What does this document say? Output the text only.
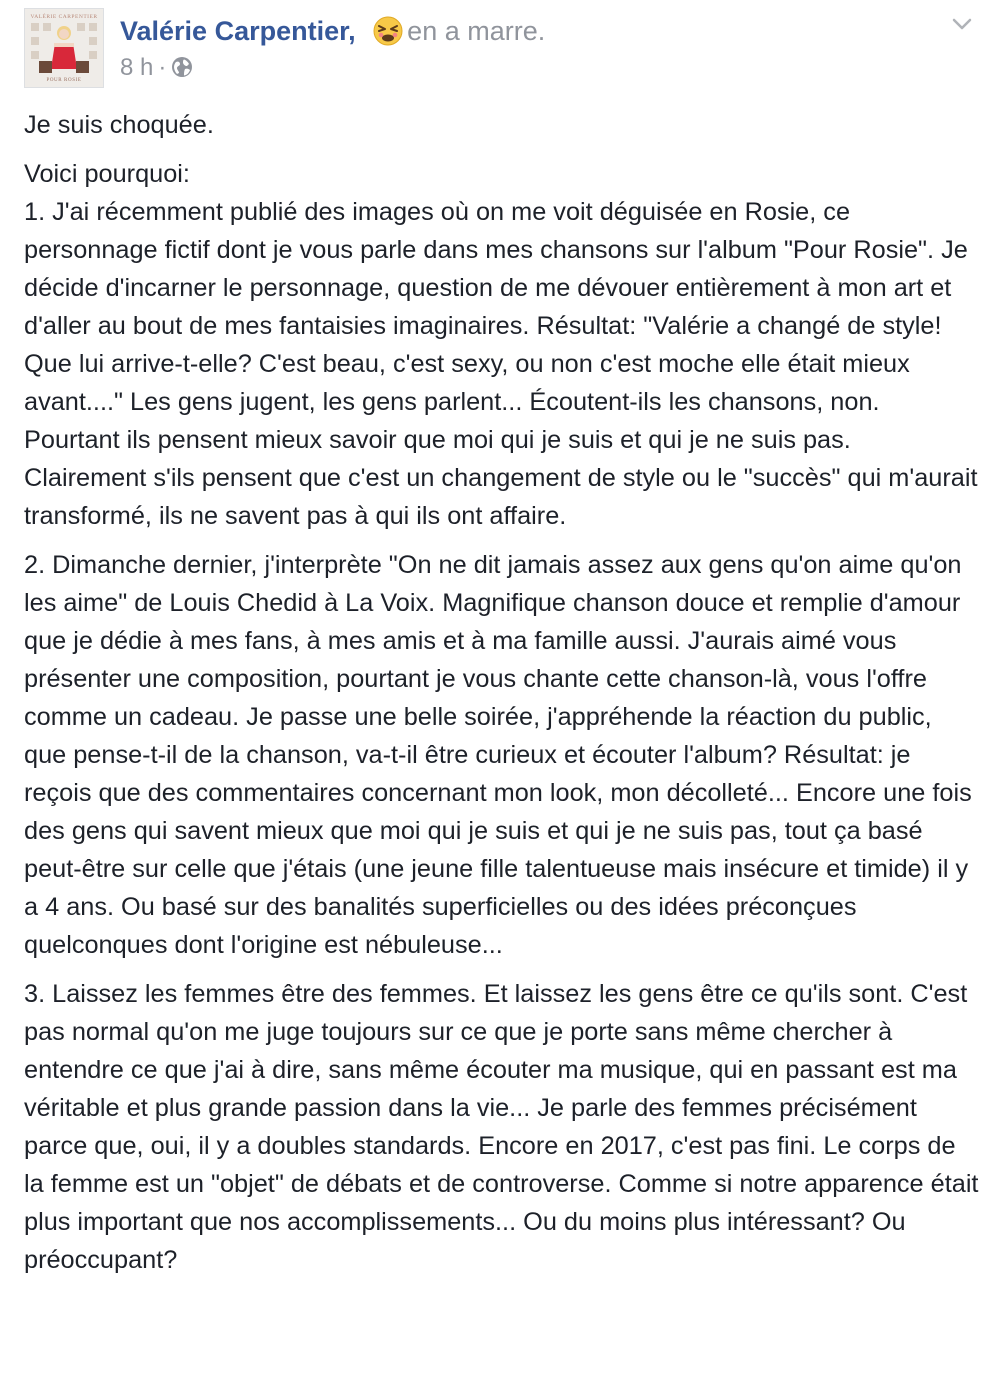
VALÉRIE CARPENTIER
POUR ROSIE
Valérie Carpentier, en a marre.
8 h ·

Je suis choquée.

Voici pourquoi:
1. J'ai récemment publié des images où on me voit déguisée en Rosie, ce personnage fictif dont je vous parle dans mes chansons sur l'album "Pour Rosie". Je décide d'incarner le personnage, question de me dévouer entièrement à mon art et d'aller au bout de mes fantaisies imaginaires. Résultat: "Valérie a changé de style! Que lui arrive-t-elle? C'est beau, c'est sexy, ou non c'est moche elle était mieux avant...." Les gens jugent, les gens parlent... Écoutent-ils les chansons, non. Pourtant ils pensent mieux savoir que moi qui je suis et qui je ne suis pas. Clairement s'ils pensent que c'est un changement de style ou le "succès" qui m'aurait transformé, ils ne savent pas à qui ils ont affaire.

2. Dimanche dernier, j'interprète "On ne dit jamais assez aux gens qu'on aime qu'on les aime" de Louis Chedid à La Voix. Magnifique chanson douce et remplie d'amour que je dédie à mes fans, à mes amis et à ma famille aussi. J'aurais aimé vous présenter une composition, pourtant je vous chante cette chanson-là, vous l'offre comme un cadeau. Je passe une belle soirée, j'appréhende la réaction du public, que pense-t-il de la chanson, va-t-il être curieux et écouter l'album? Résultat: je reçois que des commentaires concernant mon look, mon décolleté... Encore une fois des gens qui savent mieux que moi qui je suis et qui je ne suis pas, tout ça basé peut-être sur celle que j'étais (une jeune fille talentueuse mais insécure et timide) il y a 4 ans. Ou basé sur des banalités superficielles ou des idées préconçues quelconques dont l'origine est nébuleuse...

3. Laissez les femmes être des femmes. Et laissez les gens être ce qu'ils sont. C'est pas normal qu'on me juge toujours sur ce que je porte sans même chercher à entendre ce que j'ai à dire, sans même écouter ma musique, qui en passant est ma véritable et plus grande passion dans la vie... Je parle des femmes précisément parce que, oui, il y a doubles standards. Encore en 2017, c'est pas fini. Le corps de la femme est un "objet" de débats et de controverse. Comme si notre apparence était plus important que nos accomplissements... Ou du moins plus intéressant? Ou préoccupant?
